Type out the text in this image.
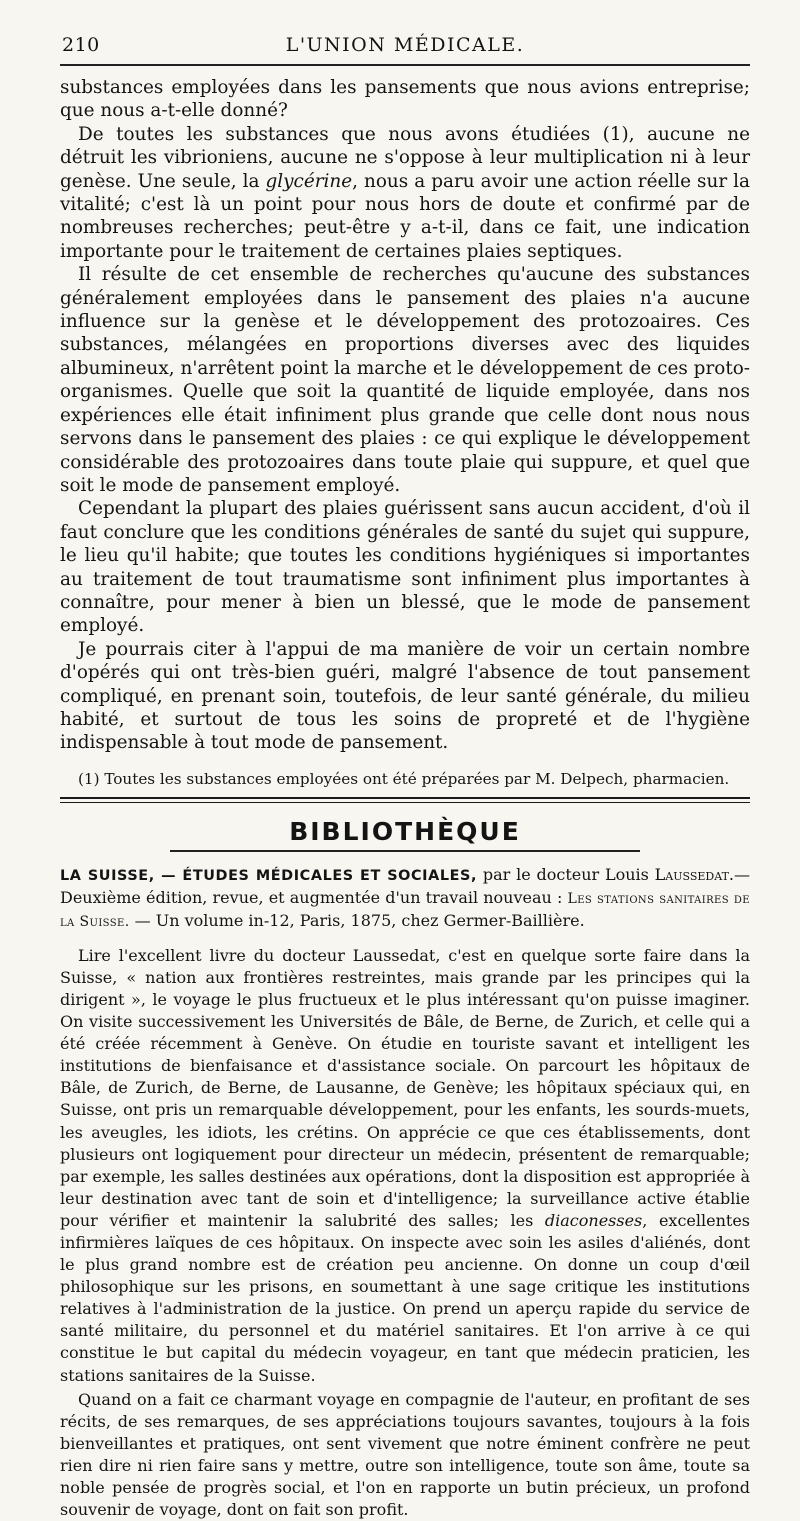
210	L'UNION MÉDICALE.

substances employées dans les pansements que nous avions entreprise; que nous a-t-elle donné?

De toutes les substances que nous avons étudiées (1), aucune ne détruit les vibrioniens, aucune ne s'oppose à leur multiplication ni à leur genèse. Une seule, la glycérine, nous a paru avoir une action réelle sur la vitalité; c'est là un point pour nous hors de doute et confirmé par de nombreuses recherches; peut-être y a-t-il, dans ce fait, une indication importante pour le traitement de certaines plaies septiques.

Il résulte de cet ensemble de recherches qu'aucune des substances généralement employées dans le pansement des plaies n'a aucune influence sur la genèse et le développement des protozoaires. Ces substances, mélangées en proportions diverses avec des liquides albumineux, n'arrêtent point la marche et le développement de ces proto-organismes. Quelle que soit la quantité de liquide employée, dans nos expériences elle était infiniment plus grande que celle dont nous nous servons dans le pansement des plaies : ce qui explique le développement considérable des protozoaires dans toute plaie qui suppure, et quel que soit le mode de pansement employé.

Cependant la plupart des plaies guérissent sans aucun accident, d'où il faut conclure que les conditions générales de santé du sujet qui suppure, le lieu qu'il habite; que toutes les conditions hygiéniques si importantes au traitement de tout traumatisme sont infiniment plus importantes à connaître, pour mener à bien un blessé, que le mode de pansement employé.

Je pourrais citer à l'appui de ma manière de voir un certain nombre d'opérés qui ont très-bien guéri, malgré l'absence de tout pansement compliqué, en prenant soin, toutefois, de leur santé générale, du milieu habité, et surtout de tous les soins de propreté et de l'hygiène indispensable à tout mode de pansement.

(1) Toutes les substances employées ont été préparées par M. Delpech, pharmacien.

BIBLIOTHÈQUE

LA SUISSE, — ÉTUDES MÉDICALES ET SOCIALES, par le docteur Louis Laussedat.—Deuxième édition, revue, et augmentée d'un travail nouveau : Les stations sanitaires de la Suisse. — Un volume in-12, Paris, 1875, chez Germer-Baillière.

Lire l'excellent livre du docteur Laussedat, c'est en quelque sorte faire dans la Suisse, « nation aux frontières restreintes, mais grande par les principes qui la dirigent », le voyage le plus fructueux et le plus intéressant qu'on puisse imaginer. On visite successivement les Universités de Bâle, de Berne, de Zurich, et celle qui a été créée récemment à Genève. On étudie en touriste savant et intelligent les institutions de bienfaisance et d'assistance sociale. On parcourt les hôpitaux de Bâle, de Zurich, de Berne, de Lausanne, de Genève; les hôpitaux spéciaux qui, en Suisse, ont pris un remarquable développement, pour les enfants, les sourds-muets, les aveugles, les idiots, les crétins. On apprécie ce que ces établissements, dont plusieurs ont logiquement pour directeur un médecin, présentent de remarquable; par exemple, les salles destinées aux opérations, dont la disposition est appropriée à leur destination avec tant de soin et d'intelligence; la surveillance active établie pour vérifier et maintenir la salubrité des salles; les diaconesses, excellentes infirmières laïques de ces hôpitaux. On inspecte avec soin les asiles d'aliénés, dont le plus grand nombre est de création peu ancienne. On donne un coup d'œil philosophique sur les prisons, en soumettant à une sage critique les institutions relatives à l'administration de la justice. On prend un aperçu rapide du service de santé militaire, du personnel et du matériel sanitaires. Et l'on arrive à ce qui constitue le but capital du médecin voyageur, en tant que médecin praticien, les stations sanitaires de la Suisse.

Quand on a fait ce charmant voyage en compagnie de l'auteur, en profitant de ses récits, de ses remarques, de ses appréciations toujours savantes, toujours à la fois bienveillantes et pratiques, ont sent vivement que notre éminent confrère ne peut rien dire ni rien faire sans y mettre, outre son intelligence, toute son âme, toute sa noble pensée de progrès social, et l'on en rapporte un butin précieux, un profond souvenir de voyage, dont on fait son profit.
